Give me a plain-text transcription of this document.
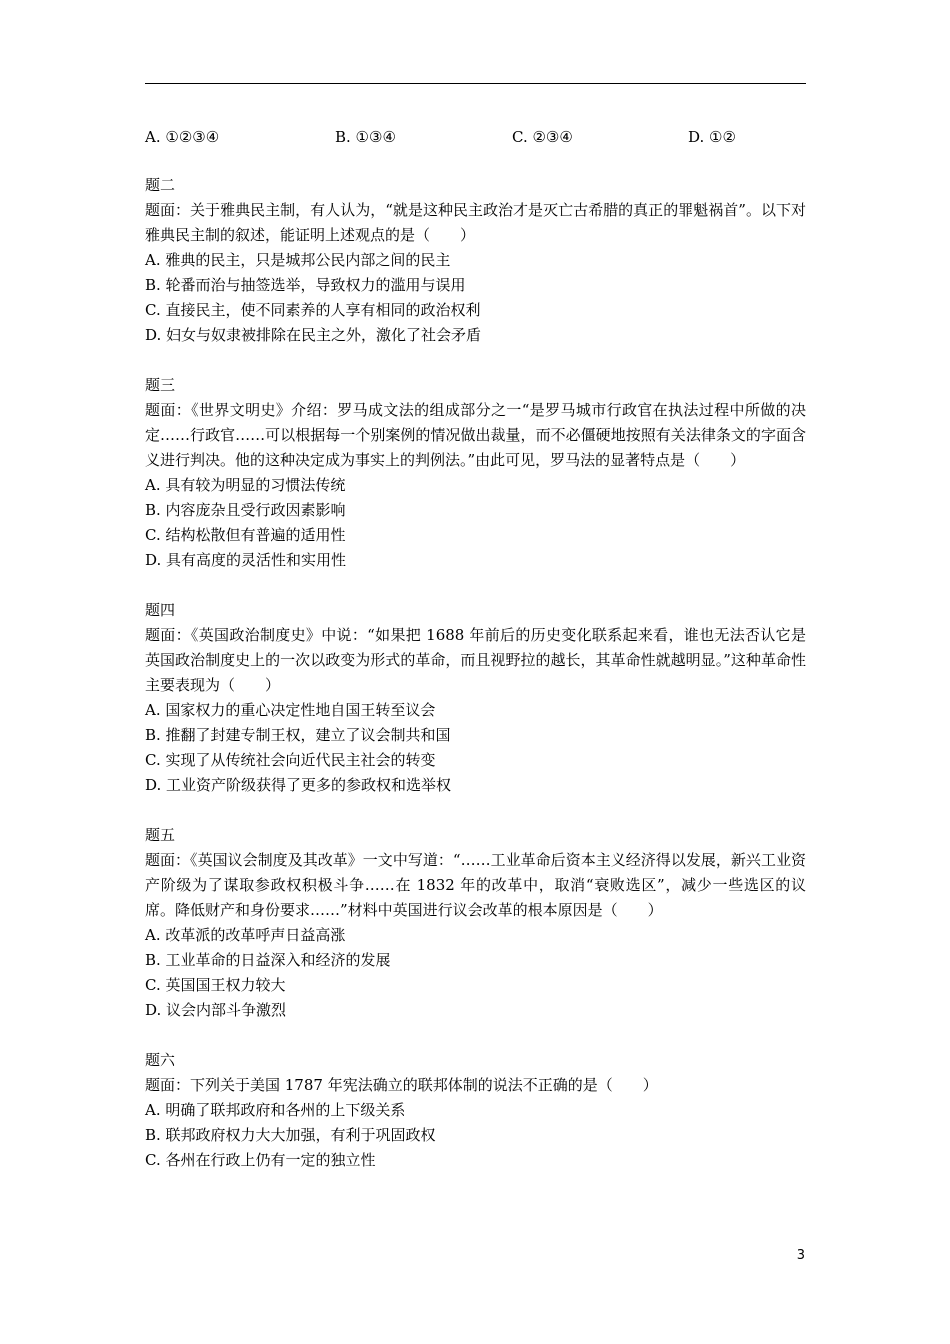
A. ①②③④	B. ①③④	C. ②③④	D. ①②

题二

题面：关于雅典民主制，有人认为，“就是这种民主政治才是灭亡古希腊的真正的罪魁祸首”。以下对雅典民主制的叙述，能证明上述观点的是（　　）

A. 雅典的民主，只是城邦公民内部之间的民主

B. 轮番而治与抽签选举，导致权力的滥用与误用

C. 直接民主，使不同素养的人享有相同的政治权利

D. 妇女与奴隶被排除在民主之外，激化了社会矛盾

题三

题面：《世界文明史》介绍：罗马成文法的组成部分之一“是罗马城市行政官在执法过程中所做的决定……行政官……可以根据每一个别案例的情况做出裁量，而不必僵硬地按照有关法律条文的字面含义进行判决。他的这种决定成为事实上的判例法。”由此可见，罗马法的显著特点是（　　）

A. 具有较为明显的习惯法传统

B. 内容庞杂且受行政因素影响

C. 结构松散但有普遍的适用性

D. 具有高度的灵活性和实用性

题四

题面：《英国政治制度史》中说：“如果把 1688 年前后的历史变化联系起来看，谁也无法否认它是英国政治制度史上的一次以政变为形式的革命，而且视野拉的越长，其革命性就越明显。”这种革命性主要表现为（　　）

A. 国家权力的重心决定性地自国王转至议会

B. 推翻了封建专制王权，建立了议会制共和国

C. 实现了从传统社会向近代民主社会的转变

D. 工业资产阶级获得了更多的参政权和选举权

题五

题面：《英国议会制度及其改革》一文中写道：“……工业革命后资本主义经济得以发展，新兴工业资产阶级为了谋取参政权积极斗争……在 1832 年的改革中，取消“衰败选区”，减少一些选区的议席。降低财产和身份要求……”材料中英国进行议会改革的根本原因是（　　）

A. 改革派的改革呼声日益高涨

B. 工业革命的日益深入和经济的发展

C. 英国国王权力较大

D. 议会内部斗争激烈

题六

题面：下列关于美国 1787 年宪法确立的联邦体制的说法不正确的是（　　）

A. 明确了联邦政府和各州的上下级关系

B. 联邦政府权力大大加强，有利于巩固政权

C. 各州在行政上仍有一定的独立性

3
